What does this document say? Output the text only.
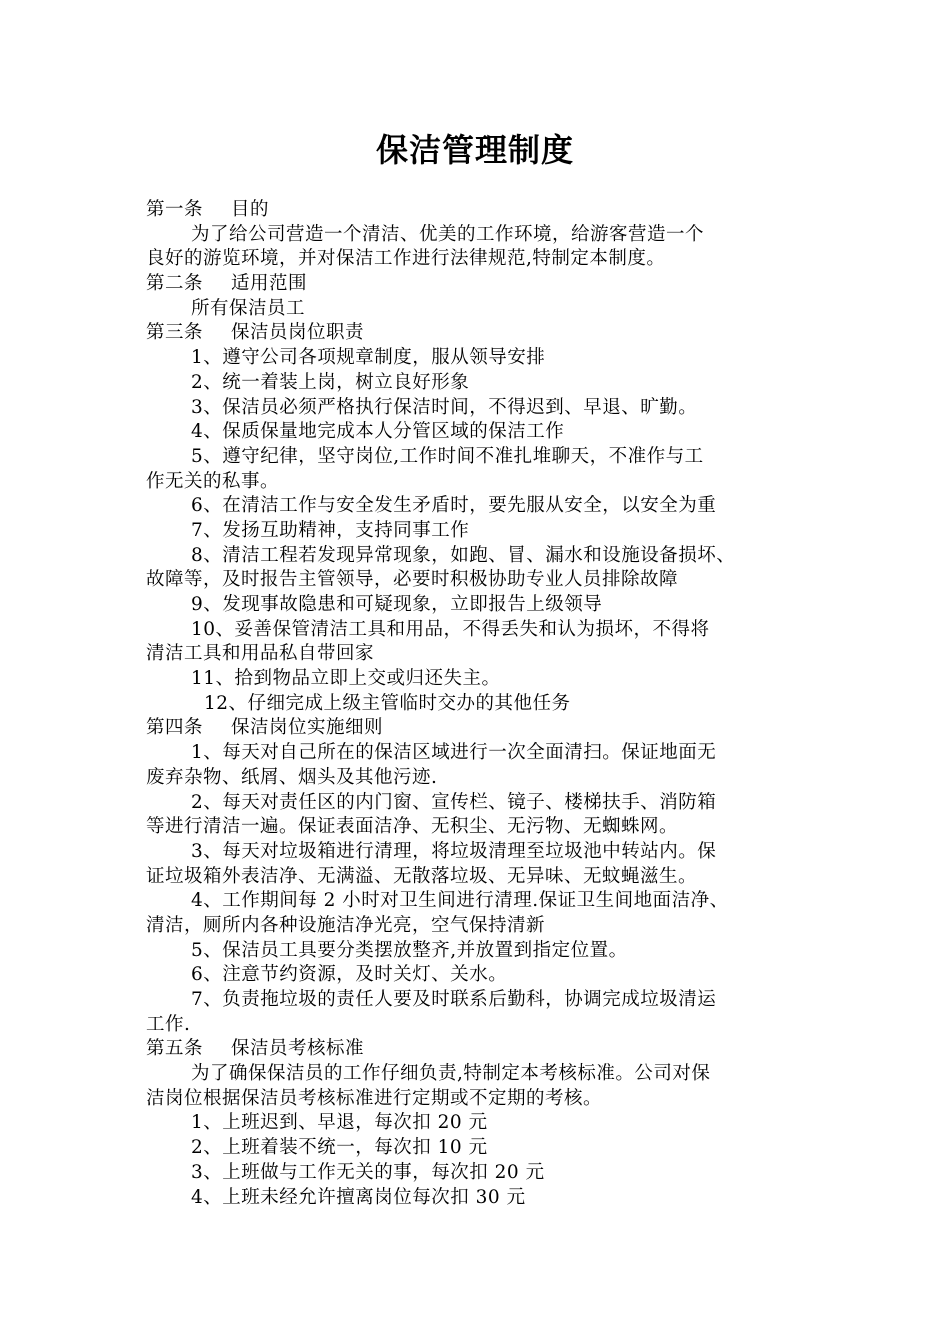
保洁管理制度
第一条 目的
为了给公司营造一个清洁、优美的工作环境，给游客营造一个
良好的游览环境，并对保洁工作进行法律规范,特制定本制度。
第二条 适用范围
所有保洁员工
第三条 保洁员岗位职责
1、遵守公司各项规章制度，服从领导安排
2、统一着装上岗，树立良好形象
3、保洁员必须严格执行保洁时间，不得迟到、早退、旷勤。
4、保质保量地完成本人分管区域的保洁工作
5、遵守纪律，坚守岗位,工作时间不准扎堆聊天，不准作与工
作无关的私事。
6、在清洁工作与安全发生矛盾时，要先服从安全，以安全为重
7、发扬互助精神，支持同事工作
8、清洁工程若发现异常现象，如跑、冒、漏水和设施设备损坏、
故障等，及时报告主管领导，必要时积极协助专业人员排除故障
9、发现事故隐患和可疑现象，立即报告上级领导
10、妥善保管清洁工具和用品，不得丢失和认为损坏，不得将
清洁工具和用品私自带回家
11、拾到物品立即上交或归还失主。
12、仔细完成上级主管临时交办的其他任务
第四条 保洁岗位实施细则
1、每天对自己所在的保洁区域进行一次全面清扫。保证地面无
废弃杂物、纸屑、烟头及其他污迹.
2、每天对责任区的内门窗、宣传栏、镜子、楼梯扶手、消防箱
等进行清洁一遍。保证表面洁净、无积尘、无污物、无蜘蛛网。
3、每天对垃圾箱进行清理，将垃圾清理至垃圾池中转站内。保
证垃圾箱外表洁净、无满溢、无散落垃圾、无异味、无蚊蝇滋生。
4、工作期间每 2 小时对卫生间进行清理.保证卫生间地面洁净、
清洁，厕所内各种设施洁净光亮，空气保持清新
5、保洁员工具要分类摆放整齐,并放置到指定位置。
6、注意节约资源，及时关灯、关水。
7、负责拖垃圾的责任人要及时联系后勤科，协调完成垃圾清运
工作.
第五条 保洁员考核标准
为了确保保洁员的工作仔细负责,特制定本考核标准。公司对保
洁岗位根据保洁员考核标准进行定期或不定期的考核。
1、上班迟到、早退，每次扣 20 元
2、上班着装不统一，每次扣 10 元
3、上班做与工作无关的事，每次扣 20 元
4、上班未经允许擅离岗位每次扣 30 元
